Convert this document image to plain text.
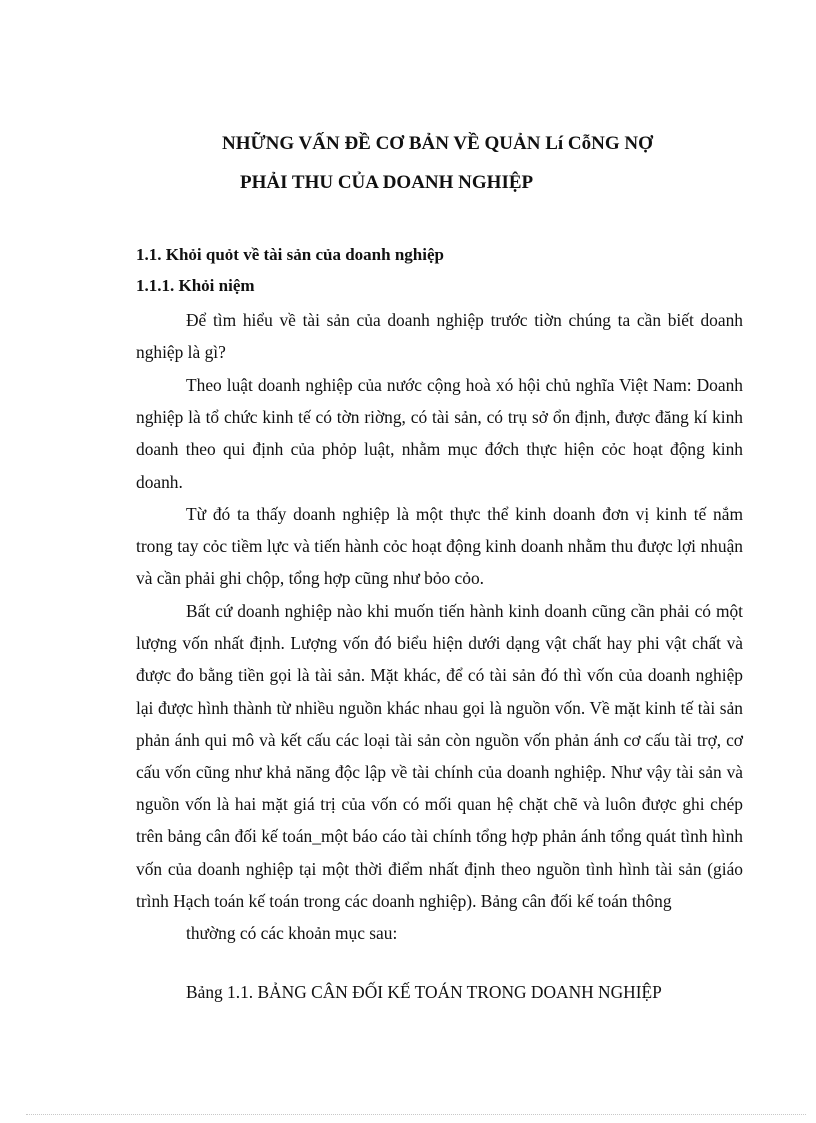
NHỮNG VẤN ĐỀ CƠ BẢN VỀ QUẢN Lí CỗNG NỢ
PHẢI THU CỦA DOANH NGHIỆP
1.1. Khỏi quỏt về tài sản của doanh nghiệp
1.1.1. Khỏi niệm

Để tìm hiểu về tài sản của doanh nghiệp trước tiờn chúng ta cần biết doanh nghiệp là gì?

Theo luật doanh nghiệp của nước cộng hoà xó hội chủ nghĩa Việt Nam: Doanh nghiệp là tổ chức kinh tế có tờn riờng, có tài sản, có trụ sở ổn định, được đăng kí kinh doanh theo qui định của phỏp luật, nhằm mục đớch thực hiện cỏc hoạt động kinh doanh.

Từ đó ta thấy doanh nghiệp là một thực thể kinh doanh đơn vị kinh tế nắm trong tay cỏc tiềm lực và tiến hành cỏc hoạt động kinh doanh nhằm thu được lợi nhuận và cần phải ghi chộp, tổng hợp cũng như bỏo cỏo.

Bất cứ doanh nghiệp nào khi muốn tiến hành kinh doanh cũng cần phải có một lượng vốn nhất định. Lượng vốn đó biểu hiện dưới dạng vật chất hay phi vật chất và được đo bằng tiền gọi là tài sản. Mặt khác, để có tài sản đó thì vốn của doanh nghiệp lại được hình thành từ nhiều nguồn khác nhau gọi là nguồn vốn. Về mặt kinh tế tài sản phản ánh qui mô và kết cấu các loại tài sản còn nguồn vốn phản ánh cơ cấu tài trợ, cơ cấu vốn cũng như khả năng độc lập về tài chính của doanh nghiệp. Như vậy tài sản và nguồn vốn là hai mặt giá trị của vốn có mối quan hệ chặt chẽ và luôn được ghi chép trên bảng cân đối kế toán_một báo cáo tài chính tổng hợp phản ánh tổng quát tình hình vốn của doanh nghiệp tại một thời điểm nhất định theo nguồn tình hình tài sản (giáo trình Hạch toán kế toán trong các doanh nghiệp). Bảng cân đối kế toán thông

thường có các khoản mục sau:
Bảng 1.1. BẢNG CÂN ĐỐI KẾ TOÁN TRONG DOANH NGHIỆP
